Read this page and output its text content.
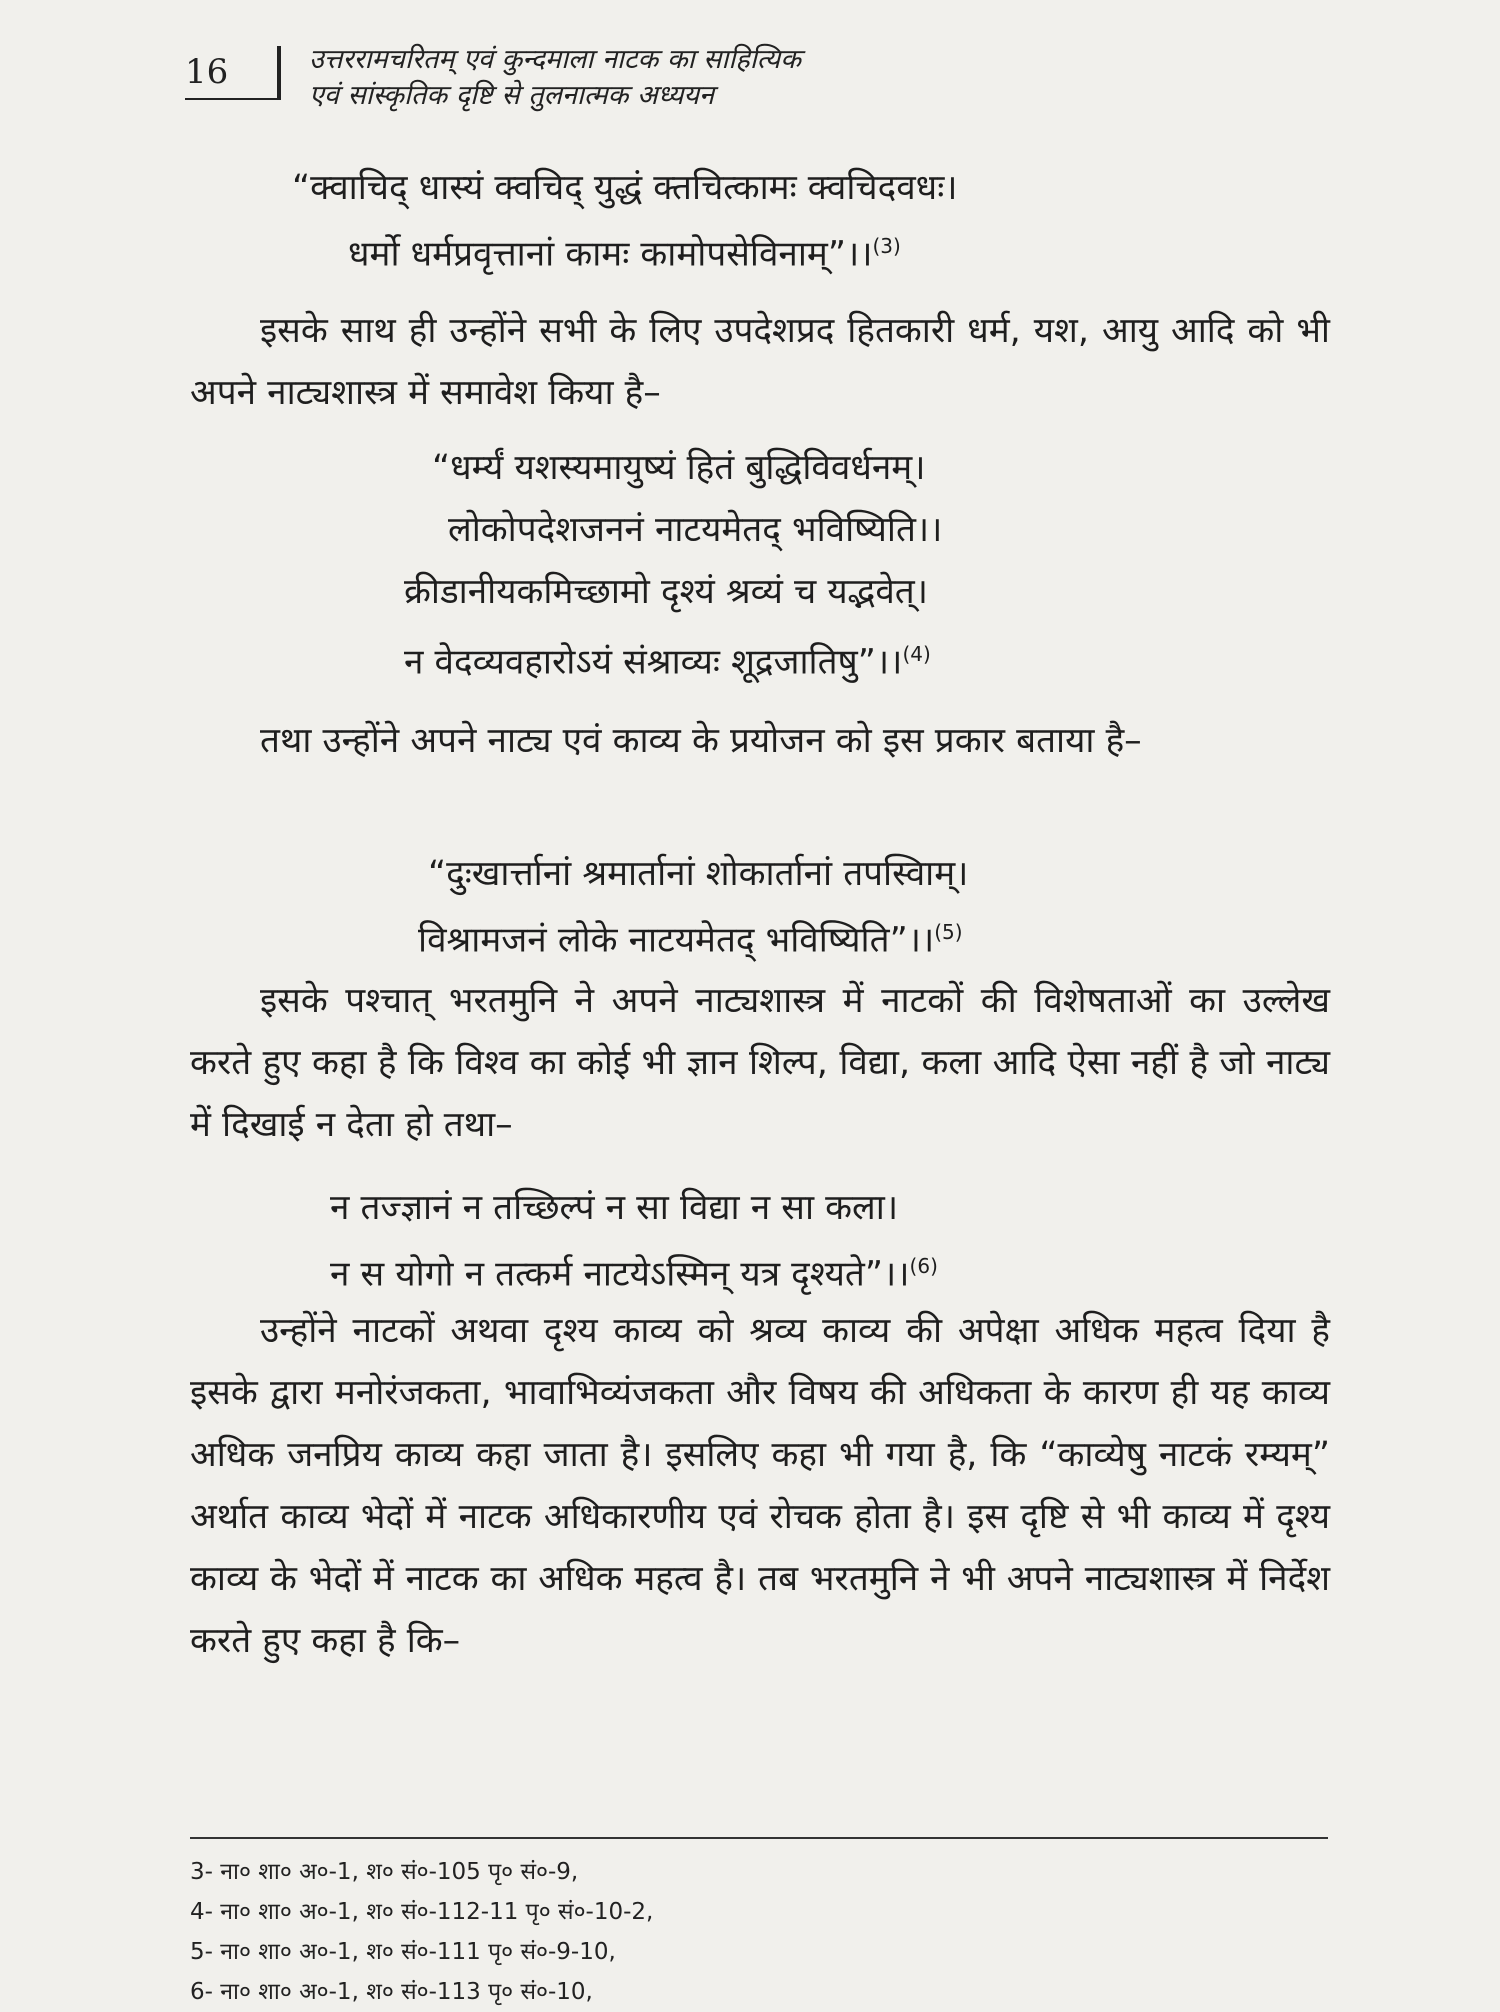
16	उत्तररामचरितम् एवं कुन्दमाला नाटक का साहित्यिक
एवं सांस्कृतिक दृष्टि से तुलनात्मक अध्ययन
“क्वाचिद् धास्यं क्वचिद् युद्धं क्तचित्कामः क्वचिदवधः।
धर्मो धर्मप्रवृत्तानां कामः कामोपसेविनाम्”।।$^{(3)}$
इसके साथ ही उन्होंने सभी के लिए उपदेशप्रद हितकारी धर्म, यश, आयु आदि को भी अपने नाट्यशास्त्र में समावेश किया है–
“धर्म्यं यशस्यमायुष्यं हितं बुद्धिविवर्धनम्।
लोकोपदेशजननं नाटयमेतद् भविष्यिति।।
क्रीडानीयकमिच्छामो दृश्यं श्रव्यं च यद्भवेत्।
न वेदव्यवहारोऽयं संश्राव्यः शूद्रजातिषु”।।$^{(4)}$
तथा उन्होंने अपने नाट्य एवं काव्य के प्रयोजन को इस प्रकार बताया है–
“दुःखार्त्तानां श्रमार्तानां शोकार्तानां तपस्विाम्।
विश्रामजनं लोके नाटयमेतद् भविष्यिति”।।$^{(5)}$
इसके पश्चात् भरतमुनि ने अपने नाट्यशास्त्र में नाटकों की विशेषताओं का उल्लेख करते हुए कहा है कि विश्व का कोई भी ज्ञान शिल्प, विद्या, कला आदि ऐसा नहीं है जो नाट्य में दिखाई न देता हो तथा–
न तज्ज्ञानं न तच्छिल्पं न सा विद्या न सा कला।
न स योगो न तत्कर्म नाटयेऽस्मिन् यत्र दृश्यते”।।$^{(6)}$
उन्होंने नाटकों अथवा दृश्य काव्य को श्रव्य काव्य की अपेक्षा अधिक महत्व दिया है इसके द्वारा मनोरंजकता, भावाभिव्यंजकता और विषय की अधिकता के कारण ही यह काव्य अधिक जनप्रिय काव्य कहा जाता है। इसलिए कहा भी गया है, कि “काव्येषु नाटकं रम्यम्” अर्थात काव्य भेदों में नाटक अधिकारणीय एवं रोचक होता है। इस दृष्टि से भी काव्य में दृश्य काव्य के भेदों में नाटक का अधिक महत्व है। तब भरतमुनि ने भी अपने नाट्यशास्त्र में निर्देश करते हुए कहा है कि–
3- ना० शा० अ०-1, श० सं०-105 पृ० सं०-9,
4- ना० शा० अ०-1, श० सं०-112-11 पृ० सं०-10-2,
5- ना० शा० अ०-1, श० सं०-111 पृ० सं०-9-10,
6- ना० शा० अ०-1, श० सं०-113 पृ० सं०-10,
